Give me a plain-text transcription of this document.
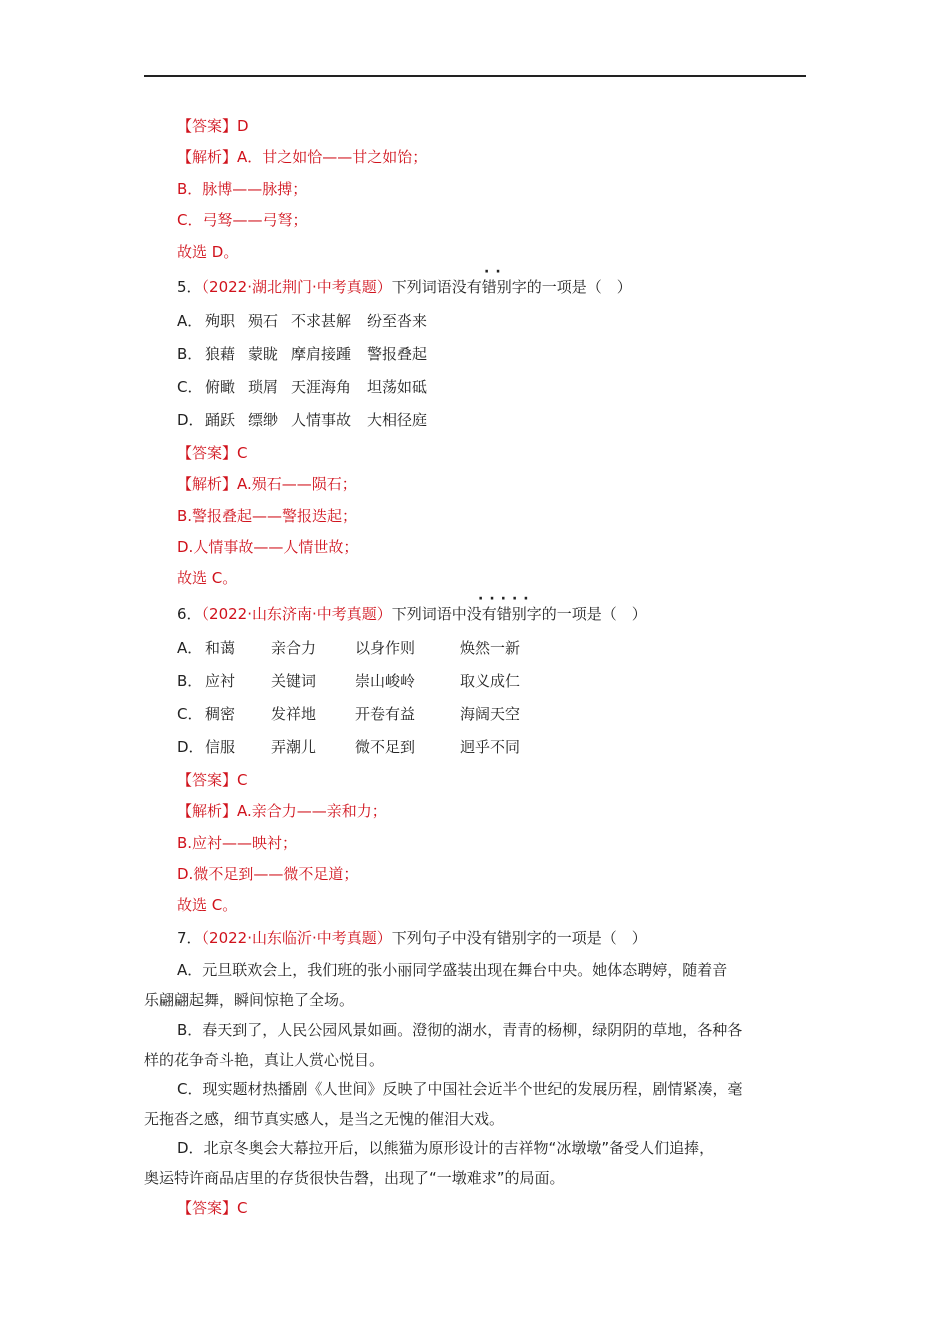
【答案】D
【解析】A．甘之如恰——甘之如饴；
B．脉博——脉搏；
C．弓驽——弓弩；
故选 D。
··
5．（2022·湖北荆门·中考真题）下列词语没有错别字的一项是（　）
A． 殉职 殒石 不求甚解 纷至沓来
B． 狼藉 蒙眬 摩肩接踵 警报叠起
C． 俯瞰 琐屑 天涯海角 坦荡如砥
D． 踊跃 缥缈 人情事故 大相径庭
【答案】C
【解析】A.殒石——陨石；
B.警报叠起——警报迭起；
D.人情事故——人情世故；
故选 C。
·····
6．（2022·山东济南·中考真题）下列词语中没有错别字的一项是（　）
A． 和蔼 亲合力	以身作则	焕然一新
B． 应衬 关键词	崇山峻岭	取义成仁
C． 稠密 发祥地	开卷有益	海阔天空
D． 信服 弄潮儿	微不足到	迥乎不同
【答案】C
【解析】A.亲合力——亲和力；
B.应衬——映衬；
D.微不足到——微不足道；
故选 C。
7．（2022·山东临沂·中考真题）下列句子中没有错别字的一项是（　）
A．元旦联欢会上，我们班的张小丽同学盛装出现在舞台中央。她体态聘婷，随着音
乐翩翩起舞，瞬间惊艳了全场。
B．春天到了，人民公园风景如画。澄彻的湖水，青青的杨柳，绿阴阴的草地，各种各
样的花争奇斗艳，真让人赏心悦目。
C．现实题材热播剧《人世间》反映了中国社会近半个世纪的发展历程，剧情紧凑，毫
无拖沓之感，细节真实感人，是当之无愧的催泪大戏。
D．北京冬奥会大幕拉开后，以熊猫为原形设计的吉祥物“冰墩墩”备受人们追捧，
奥运特许商品店里的存货很快告磬，出现了“一墩难求”的局面。
【答案】C
